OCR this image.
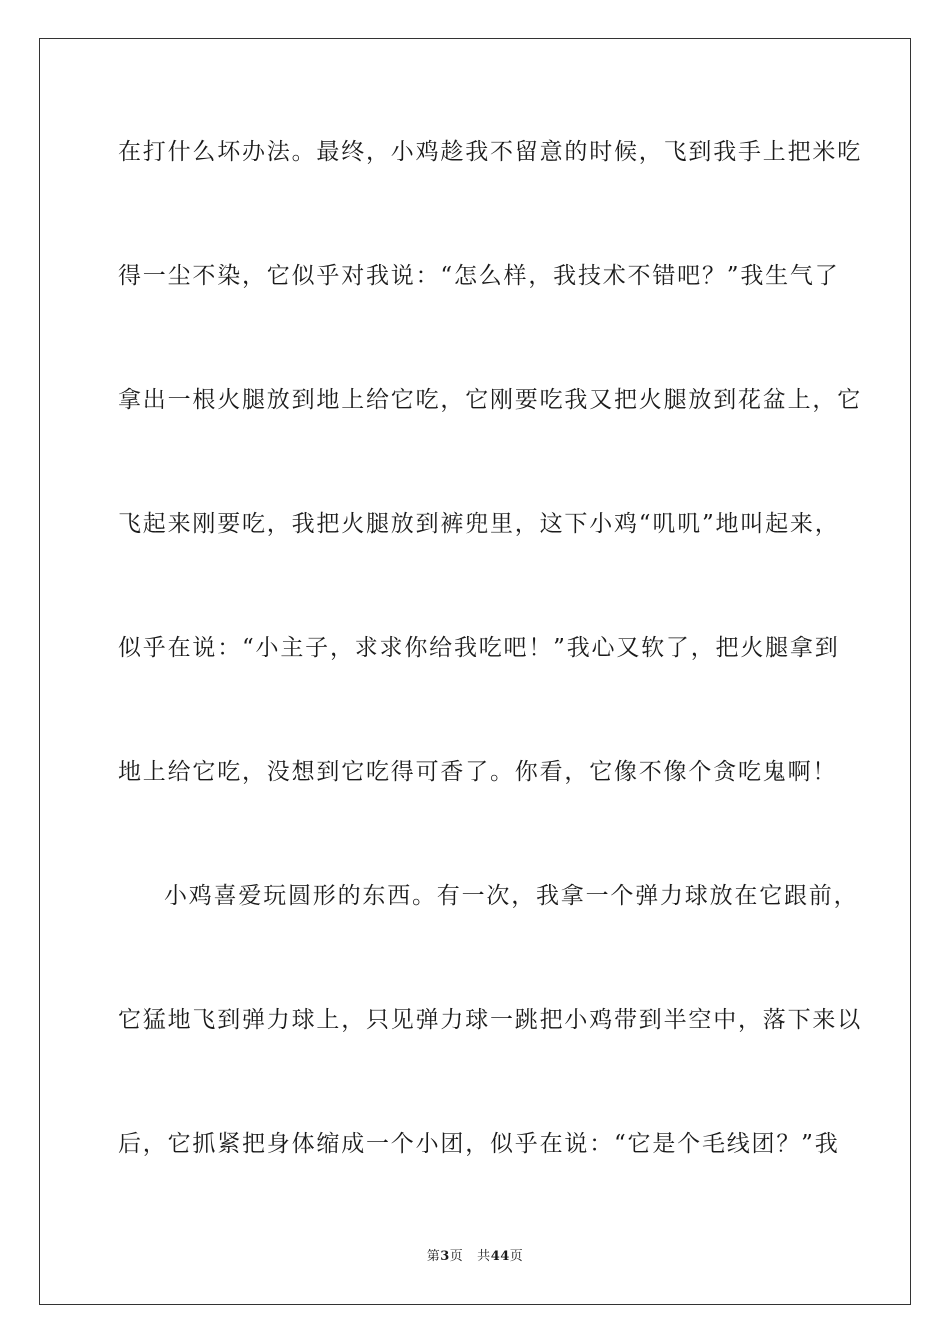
在打什么坏办法。最终，小鸡趁我不留意的时候，飞到我手上把米吃
得一尘不染，它似乎对我说：“怎么样，我技术不错吧？”我生气了
拿出一根火腿放到地上给它吃，它刚要吃我又把火腿放到花盆上，它
飞起来刚要吃，我把火腿放到裤兜里，这下小鸡“叽叽”地叫起来，
似乎在说：“小主子，求求你给我吃吧！”我心又软了，把火腿拿到
地上给它吃，没想到它吃得可香了。你看，它像不像个贪吃鬼啊！
小鸡喜爱玩圆形的东西。有一次，我拿一个弹力球放在它跟前，
它猛地飞到弹力球上，只见弹力球一跳把小鸡带到半空中，落下来以
后，它抓紧把身体缩成一个小团，似乎在说：“它是个毛线团？”我
第3页 共44页
